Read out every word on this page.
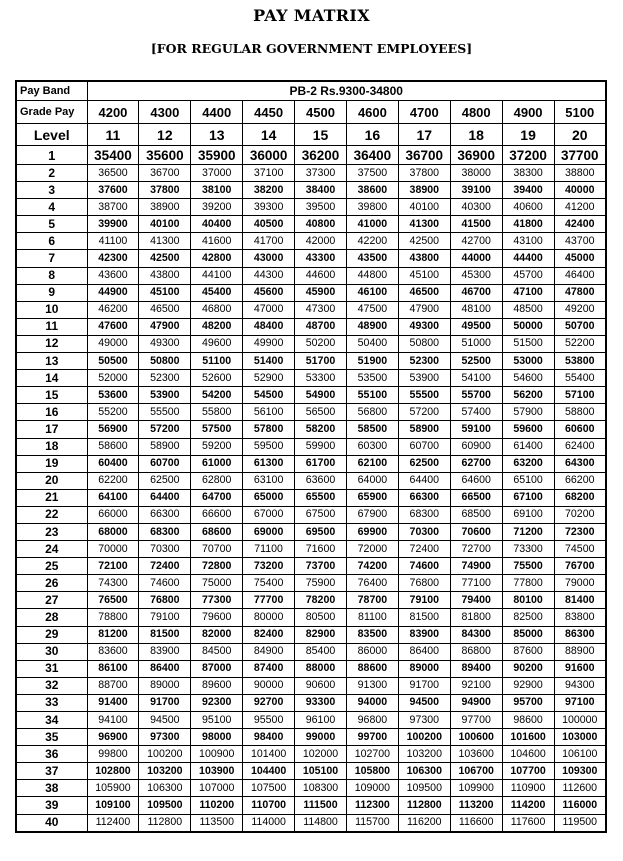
PAY MATRIX
[FOR REGULAR GOVERNMENT EMPLOYEES]
Pay Band	PB-2 Rs.9300-34800									
Grade Pay	4200	4300	4400	4450	4500	4600	4700	4800	4900	5100
Level	11	12	13	14	15	16	17	18	19	20
1	35400	35600	35900	36000	36200	36400	36700	36900	37200	37700
2	36500	36700	37000	37100	37300	37500	37800	38000	38300	38800
3	37600	37800	38100	38200	38400	38600	38900	39100	39400	40000
4	38700	38900	39200	39300	39500	39800	40100	40300	40600	41200
5	39900	40100	40400	40500	40800	41000	41300	41500	41800	42400
6	41100	41300	41600	41700	42000	42200	42500	42700	43100	43700
7	42300	42500	42800	43000	43300	43500	43800	44000	44400	45000
8	43600	43800	44100	44300	44600	44800	45100	45300	45700	46400
9	44900	45100	45400	45600	45900	46100	46500	46700	47100	47800
10	46200	46500	46800	47000	47300	47500	47900	48100	48500	49200
11	47600	47900	48200	48400	48700	48900	49300	49500	50000	50700
12	49000	49300	49600	49900	50200	50400	50800	51000	51500	52200
13	50500	50800	51100	51400	51700	51900	52300	52500	53000	53800
14	52000	52300	52600	52900	53300	53500	53900	54100	54600	55400
15	53600	53900	54200	54500	54900	55100	55500	55700	56200	57100
16	55200	55500	55800	56100	56500	56800	57200	57400	57900	58800
17	56900	57200	57500	57800	58200	58500	58900	59100	59600	60600
18	58600	58900	59200	59500	59900	60300	60700	60900	61400	62400
19	60400	60700	61000	61300	61700	62100	62500	62700	63200	64300
20	62200	62500	62800	63100	63600	64000	64400	64600	65100	66200
21	64100	64400	64700	65000	65500	65900	66300	66500	67100	68200
22	66000	66300	66600	67000	67500	67900	68300	68500	69100	70200
23	68000	68300	68600	69000	69500	69900	70300	70600	71200	72300
24	70000	70300	70700	71100	71600	72000	72400	72700	73300	74500
25	72100	72400	72800	73200	73700	74200	74600	74900	75500	76700
26	74300	74600	75000	75400	75900	76400	76800	77100	77800	79000
27	76500	76800	77300	77700	78200	78700	79100	79400	80100	81400
28	78800	79100	79600	80000	80500	81100	81500	81800	82500	83800
29	81200	81500	82000	82400	82900	83500	83900	84300	85000	86300
30	83600	83900	84500	84900	85400	86000	86400	86800	87600	88900
31	86100	86400	87000	87400	88000	88600	89000	89400	90200	91600
32	88700	89000	89600	90000	90600	91300	91700	92100	92900	94300
33	91400	91700	92300	92700	93300	94000	94500	94900	95700	97100
34	94100	94500	95100	95500	96100	96800	97300	97700	98600	100000
35	96900	97300	98000	98400	99000	99700	100200	100600	101600	103000
36	99800	100200	100900	101400	102000	102700	103200	103600	104600	106100
37	102800	103200	103900	104400	105100	105800	106300	106700	107700	109300
38	105900	106300	107000	107500	108300	109000	109500	109900	110900	112600
39	109100	109500	110200	110700	111500	112300	112800	113200	114200	116000
40	112400	112800	113500	114000	114800	115700	116200	116600	117600	119500
